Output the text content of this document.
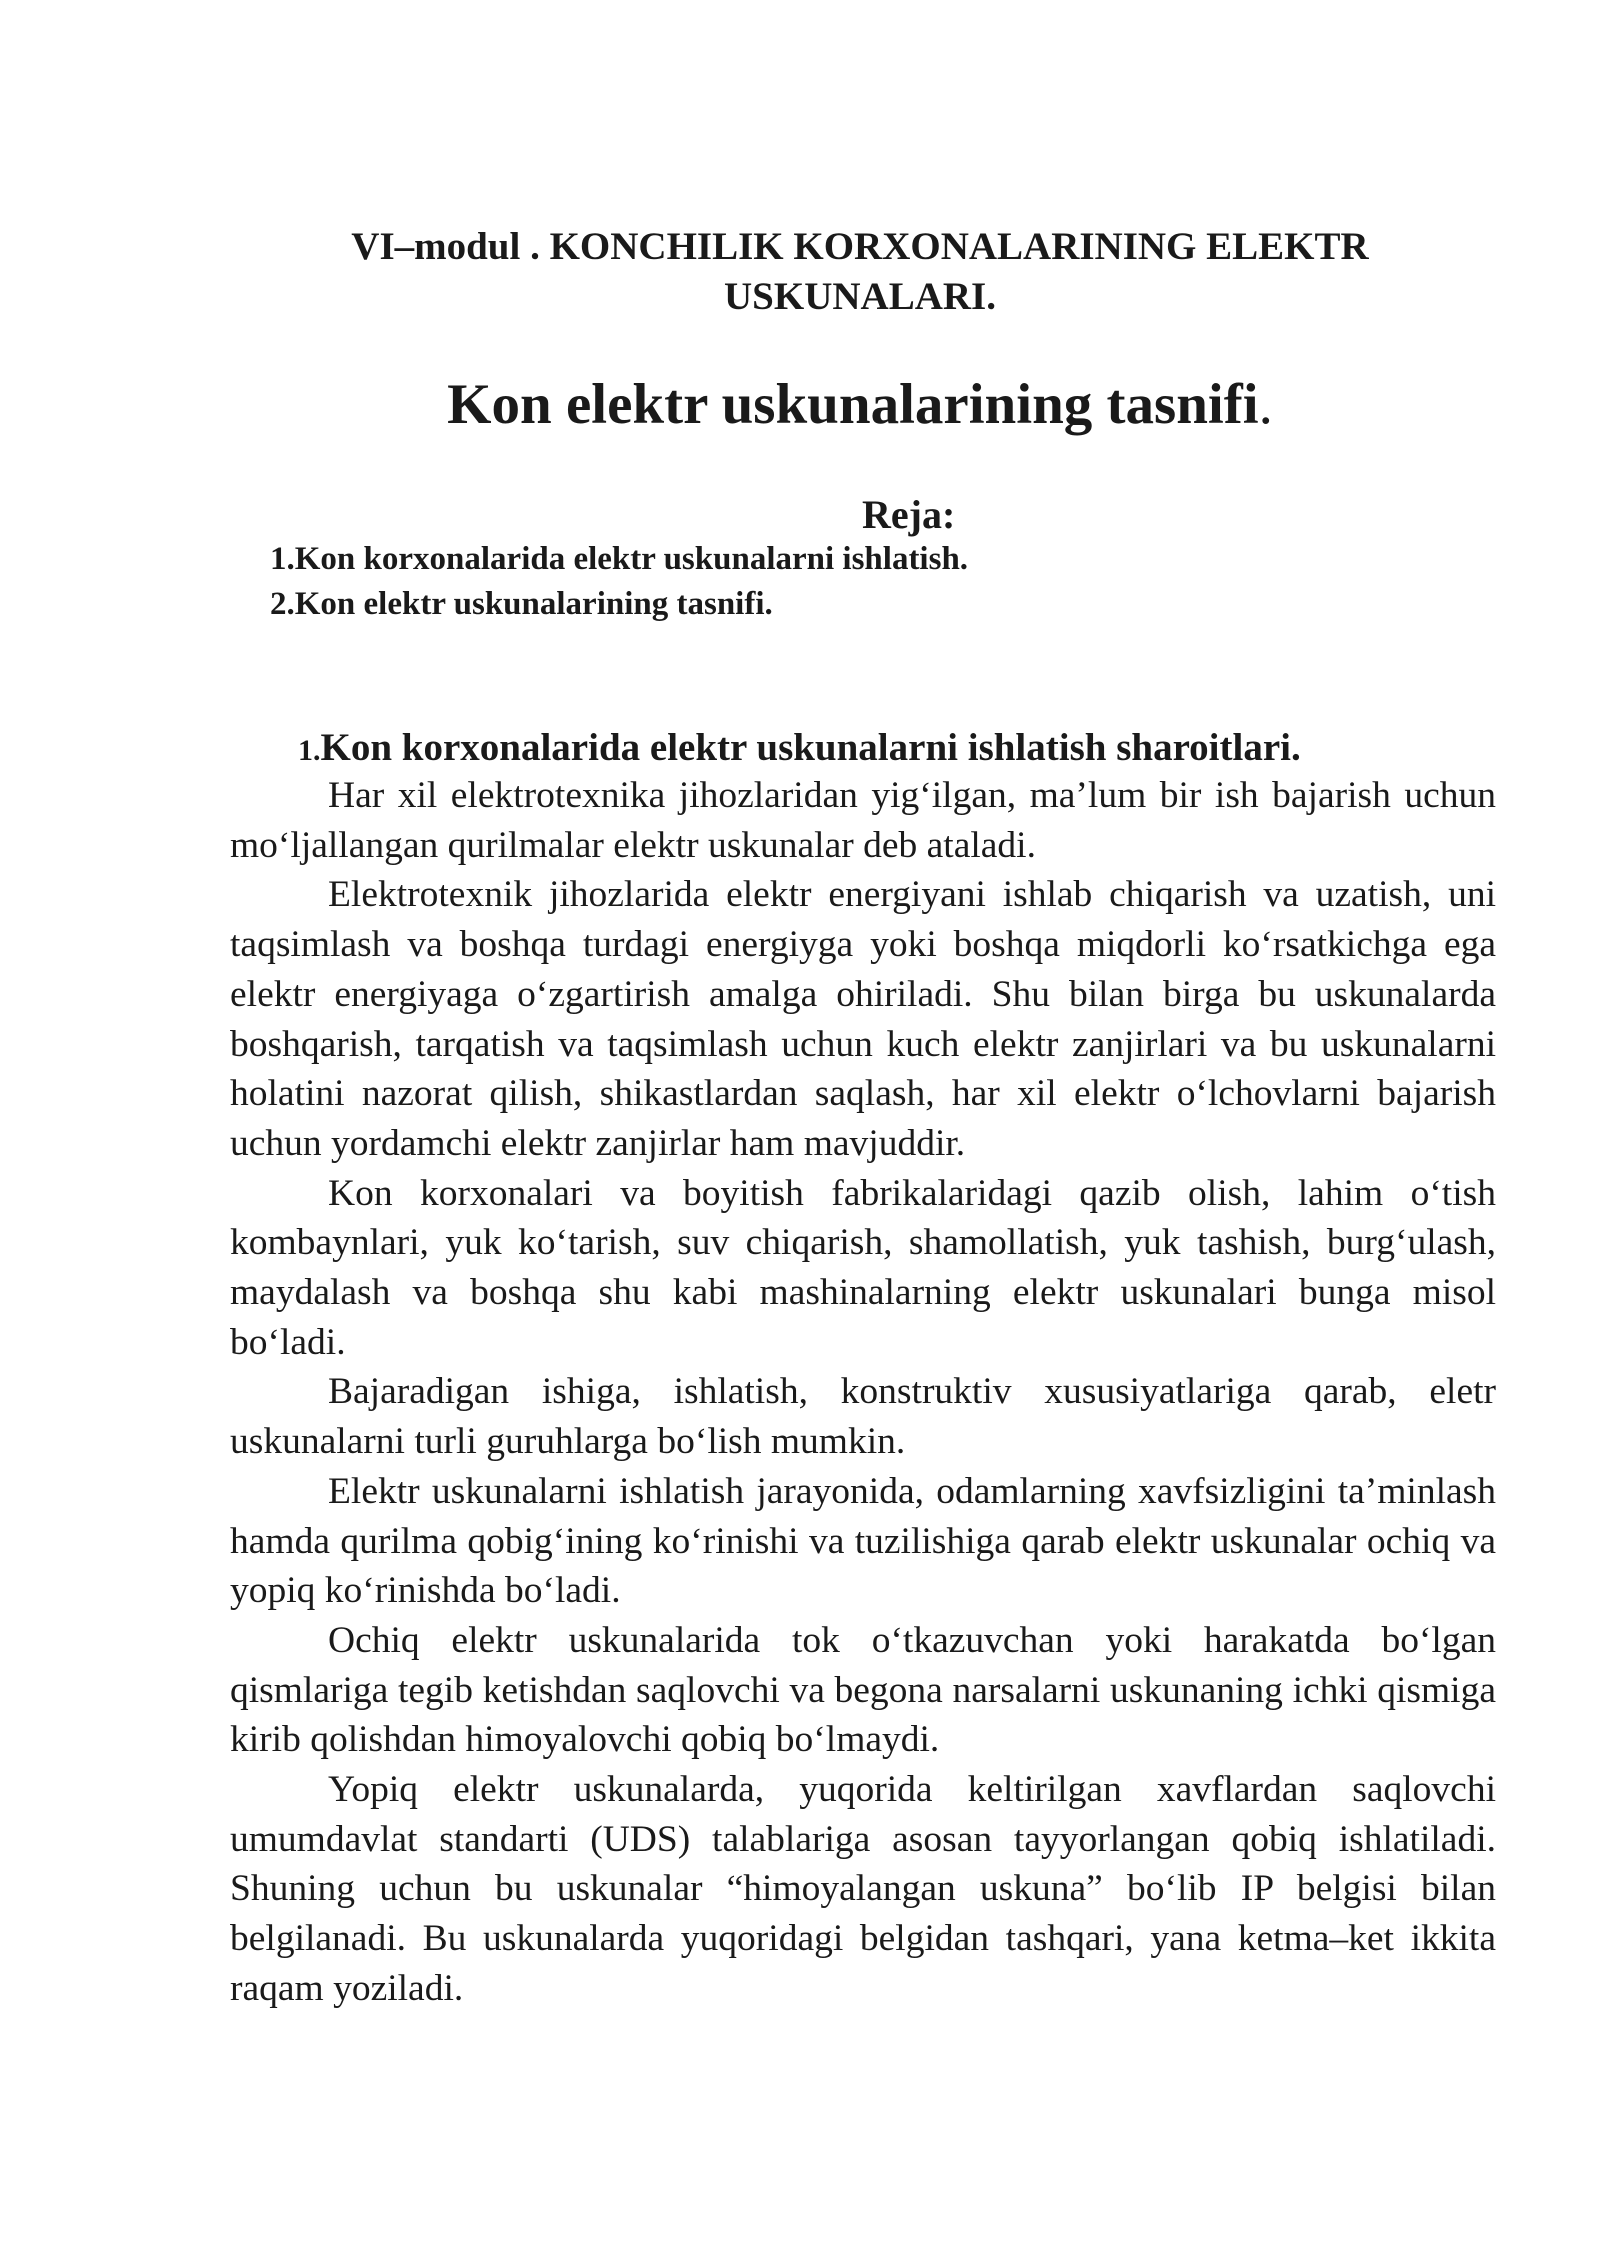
VI–modul . KONCHILIK KORXONALARINING ELEKTR USKUNALARI.
Kon elektr uskunalarining tasnifi.
Reja:
1.Kon korxonalarida elektr uskunalarni ishlatish.
2.Kon elektr uskunalarining tasnifi.
1.Kon korxonalarida elektr uskunalarni ishlatish sharoitlari.

Har xil elektrotexnika jihozlaridan yig‘ilgan, ma’lum bir ish bajarish uchun mo‘ljallangan qurilmalar elektr uskunalar deb ataladi.

Elektrotexnik jihozlarida elektr energiyani ishlab chiqarish va uzatish, uni taqsimlash va boshqa turdagi energiyga yoki boshqa miqdorli ko‘rsatkichga ega elektr energiyaga o‘zgartirish amalga ohiriladi. Shu bilan birga bu uskunalarda boshqarish, tarqatish va taqsimlash uchun kuch elektr zanjirlari va bu uskunalarni holatini nazorat qilish, shikastlardan saqlash, har xil elektr o‘lchovlarni bajarish uchun yordamchi elektr zanjirlar ham mavjuddir.

Kon korxonalari va boyitish fabrikalaridagi qazib olish, lahim o‘tish kombaynlari, yuk ko‘tarish, suv chiqarish, shamollatish, yuk tashish, burg‘ulash, maydalash va boshqa shu kabi mashinalarning elektr uskunalari bunga misol bo‘ladi.

Bajaradigan ishiga, ishlatish, konstruktiv xususiyatlariga qarab, eletr uskunalarni turli guruhlarga bo‘lish mumkin.

Elektr uskunalarni ishlatish jarayonida, odamlarning xavfsizligini ta’minlash hamda qurilma qobig‘ining ko‘rinishi va tuzilishiga qarab elektr uskunalar ochiq va yopiq ko‘rinishda bo‘ladi.

Ochiq elektr uskunalarida tok o‘tkazuvchan yoki harakatda bo‘lgan qismlariga tegib ketishdan saqlovchi va begona narsalarni uskunaning ichki qismiga kirib qolishdan himoyalovchi qobiq bo‘lmaydi.

Yopiq elektr uskunalarda, yuqorida keltirilgan xavflardan saqlovchi umumdavlat standarti (UDS) talablariga asosan tayyorlangan qobiq ishlatiladi. Shuning uchun bu uskunalar “himoyalangan uskuna” bo‘lib IP belgisi bilan belgilanadi. Bu uskunalarda yuqoridagi belgidan tashqari, yana ketma–ket ikkita raqam yoziladi.
